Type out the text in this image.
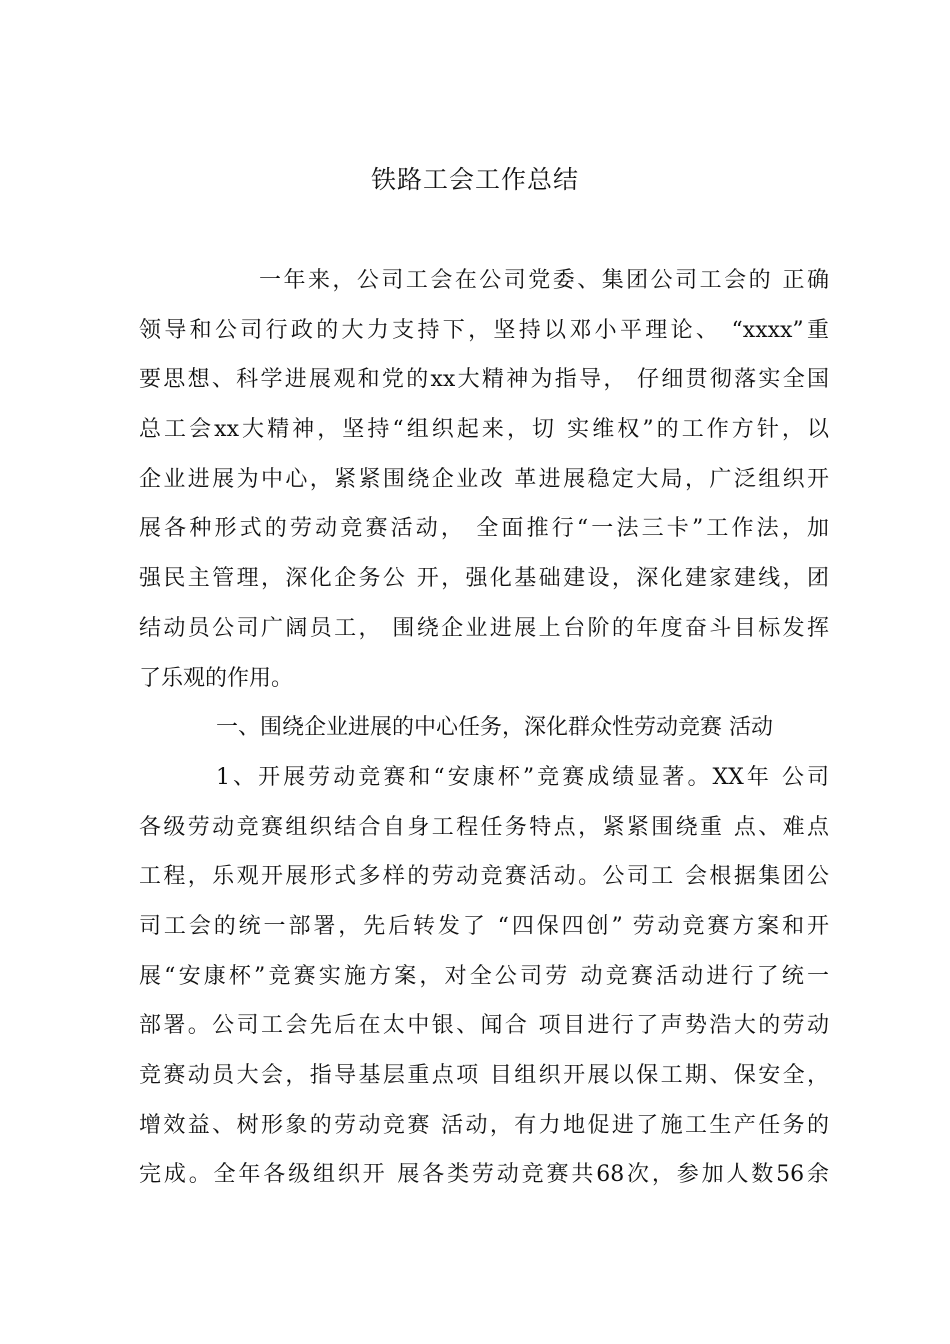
铁路工会工作总结
一年来，公司工会在公司党委、集团公司工会的 正确
领导和公司行政的大力支持下，坚持以邓小平理论、 “xxxx”重
要思想、科学进展观和党的xx大精神为指导， 仔细贯彻落实全国
总工会xx大精神，坚持“组织起来，切 实维权”的工作方针，以
企业进展为中心，紧紧围绕企业改 革进展稳定大局，广泛组织开
展各种形式的劳动竞赛活动， 全面推行“一法三卡”工作法，加
强民主管理，深化企务公 开，强化基础建设，深化建家建线，团
结动员公司广阔员工， 围绕企业进展上台阶的年度奋斗目标发挥
了乐观的作用。
一、围绕企业进展的中心任务，深化群众性劳动竞赛 活动
1、开展劳动竞赛和“安康杯”竞赛成绩显著。XX年 公司
各级劳动竞赛组织结合自身工程任务特点，紧紧围绕重 点、难点
工程，乐观开展形式多样的劳动竞赛活动。公司工 会根据集团公
司工会的统一部署，先后转发了 “四保四创” 劳动竞赛方案和开
展“安康杯”竞赛实施方案，对全公司劳 动竞赛活动进行了统一
部署。公司工会先后在太中银、闻合 项目进行了声势浩大的劳动
竞赛动员大会，指导基层重点项 目组织开展以保工期、保安全，
增效益、树形象的劳动竞赛 活动，有力地促进了施工生产任务的
完成。全年各级组织开 展各类劳动竞赛共68次，参加人数56余
